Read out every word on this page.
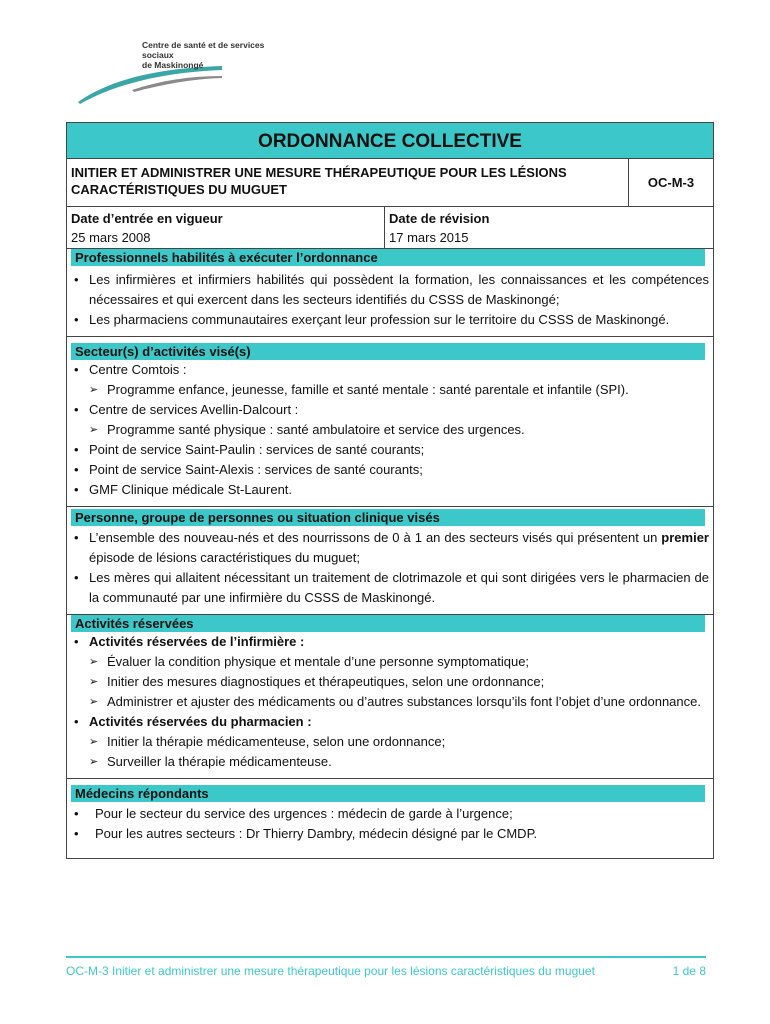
Centre de santé et de services sociaux
de Maskinongé
ORDONNANCE COLLECTIVE
INITIER ET ADMINISTRER UNE MESURE THÉRAPEUTIQUE POUR LES LÉSIONS CARACTÉRISTIQUES DU MUGUET	OC-M-3
Date d’entrée en vigueur
25 mars 2008
Date de révision
17 mars 2015
Professionnels habilités à exécuter l’ordonnance
• Les infirmières et infirmiers habilités qui possèdent la formation, les connaissances et les compétences nécessaires et qui exercent dans les secteurs identifiés du CSSS de Maskinongé;
• Les pharmaciens communautaires exerçant leur profession sur le territoire du CSSS de Maskinongé.
Secteur(s) d’activités visé(s)
• Centre Comtois :
➢ Programme enfance, jeunesse, famille et santé mentale : santé parentale et infantile (SPI).
• Centre de services Avellin-Dalcourt :
➢ Programme santé physique : santé ambulatoire et service des urgences.
• Point de service Saint-Paulin : services de santé courants;
• Point de service Saint-Alexis : services de santé courants;
• GMF Clinique médicale St-Laurent.
Personne, groupe de personnes ou situation clinique visés
• L’ensemble des nouveau-nés et des nourrissons de 0 à 1 an des secteurs visés qui présentent un premier épisode de lésions caractéristiques du muguet;
• Les mères qui allaitent nécessitant un traitement de clotrimazole et qui sont dirigées vers le pharmacien de la communauté par une infirmière du CSSS de Maskinongé.
Activités réservées
• Activités réservées de l’infirmière :
➢ Évaluer la condition physique et mentale d’une personne symptomatique;
➢ Initier des mesures diagnostiques et thérapeutiques, selon une ordonnance;
➢ Administrer et ajuster des médicaments ou d’autres substances lorsqu’ils font l’objet d’une ordonnance.
• Activités réservées du pharmacien :
➢ Initier la thérapie médicamenteuse, selon une ordonnance;
➢ Surveiller la thérapie médicamenteuse.
Médecins répondants
• Pour le secteur du service des urgences : médecin de garde à l’urgence;
• Pour les autres secteurs : Dr Thierry Dambry, médecin désigné par le CMDP.
OC-M-3 Initier et administrer une mesure thérapeutique pour les lésions caractéristiques du muguet	1 de 8
